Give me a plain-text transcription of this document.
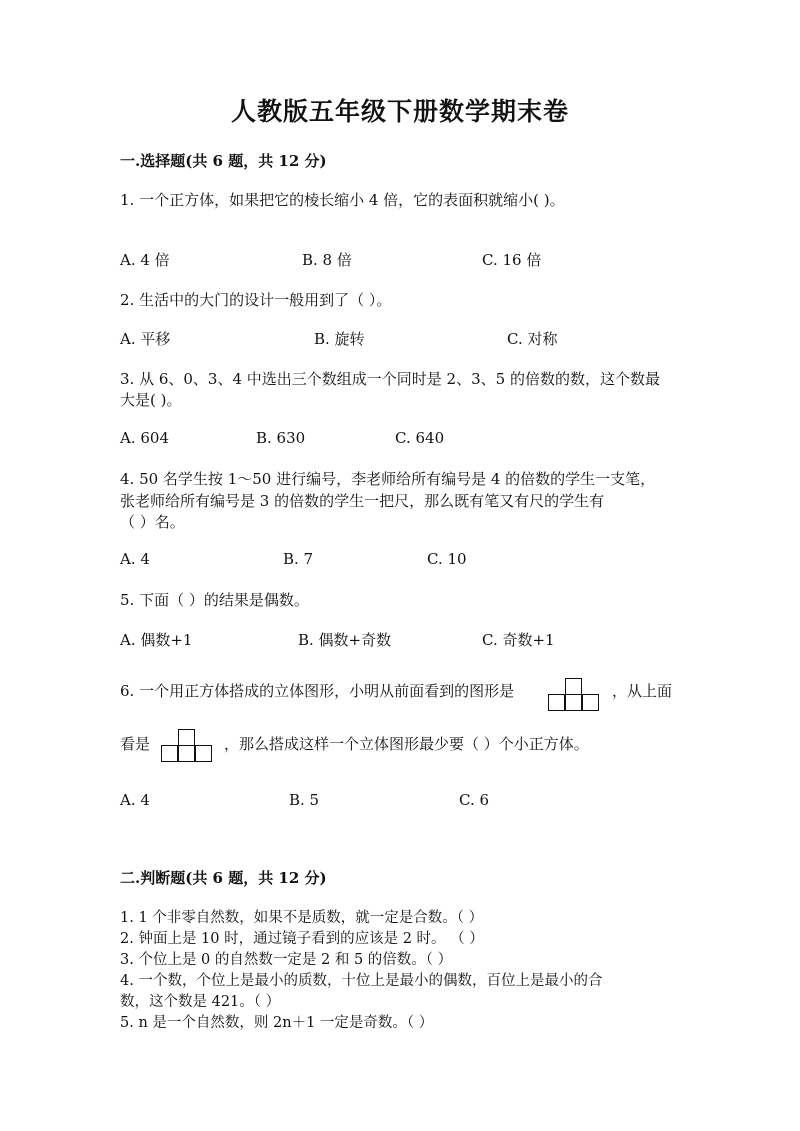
人教版五年级下册数学期末卷
一.选择题(共 6 题，共 12 分)
1. 一个正方体，如果把它的棱长缩小 4 倍，它的表面积就缩小( )。
A. 4 倍	B. 8 倍	C. 16 倍
2. 生活中的大门的设计一般用到了（ ）。
A. 平移	B. 旋转	C. 对称
3. 从 6、0、3、4 中选出三个数组成一个同时是 2、3、5 的倍数的数，这个数最
大是( )。
A. 604	B. 630	C. 640
4. 50 名学生按 1～50 进行编号，李老师给所有编号是 4 的倍数的学生一支笔，
张老师给所有编号是 3 的倍数的学生一把尺，那么既有笔又有尺的学生有
（ ）名。
A. 4	B. 7	C. 10
5. 下面（ ）的结果是偶数。
A. 偶数+1	B. 偶数+奇数	C. 奇数+1
6. 一个用正方体搭成的立体图形，小明从前面看到的图形是	，从上面
看是	，那么搭成这样一个立体图形最少要（ ）个小正方体。
A. 4	B. 5	C. 6
二.判断题(共 6 题，共 12 分)
1. 1 个非零自然数，如果不是质数，就一定是合数。（ ）
2. 钟面上是 10 时，通过镜子看到的应该是 2 时。 （ ）
3. 个位上是 0 的自然数一定是 2 和 5 的倍数。（ ）
4. 一个数，个位上是最小的质数，十位上是最小的偶数，百位上是最小的合
数，这个数是 421。（ ）
5. n 是一个自然数，则 2n＋1 一定是奇数。（ ）
